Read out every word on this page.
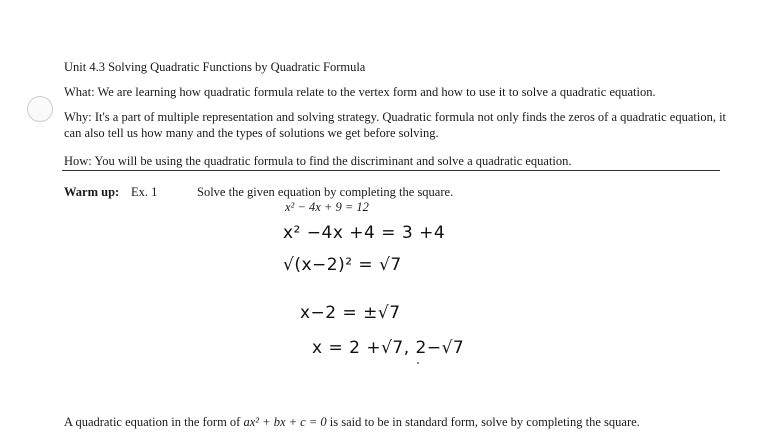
Unit 4.3 Solving Quadratic Functions by Quadratic Formula
What: We are learning how quadratic formula relate to the vertex form and how to use it to solve a quadratic equation.
Why: It's a part of multiple representation and solving strategy. Quadratic formula not only finds the zeros of a quadratic equation, it can also tell us how many and the types of solutions we get before solving.
How: You will be using the quadratic formula to find the discriminant and solve a quadratic equation.
Warm up: Ex. 1	Solve the given equation by completing the square.
x² − 4x + 9 = 12
x² −4x +4 = 3 +4
√(x−2)² = √7
x−2 = ±√7
x = 2 +√7, 2−√7
A quadratic equation in the form of ax² + bx + c = 0 is said to be in standard form, solve by completing the square.
